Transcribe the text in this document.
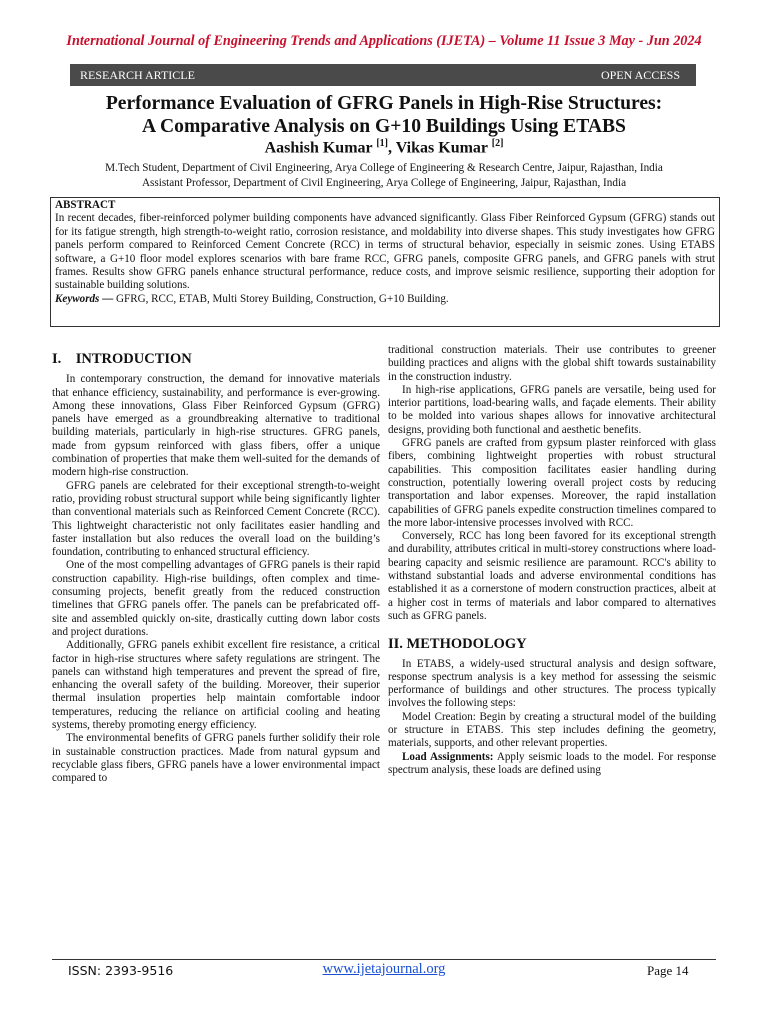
International Journal of Engineering Trends and Applications (IJETA) – Volume 11 Issue 3 May - Jun 2024
RESEARCH ARTICLE	OPEN ACCESS
Performance Evaluation of GFRG Panels in High-Rise Structures:
A Comparative Analysis on G+10 Buildings Using ETABS
Aashish Kumar [1], Vikas Kumar [2]
M.Tech Student, Department of Civil Engineering, Arya College of Engineering & Research Centre, Jaipur, Rajasthan, India
Assistant Professor, Department of Civil Engineering, Arya College of Engineering, Jaipur, Rajasthan, India
ABSTRACT
In recent decades, fiber-reinforced polymer building components have advanced significantly. Glass Fiber Reinforced Gypsum (GFRG) stands out for its fatigue strength, high strength-to-weight ratio, corrosion resistance, and moldability into diverse shapes. This study investigates how GFRG panels perform compared to Reinforced Cement Concrete (RCC) in terms of structural behavior, especially in seismic zones. Using ETABS software, a G+10 floor model explores scenarios with bare frame RCC, GFRG panels, composite GFRG panels, and GFRG panels with strut frames. Results show GFRG panels enhance structural performance, reduce costs, and improve seismic resilience, supporting their adoption for sustainable building solutions.
Keywords — GFRG, RCC, ETAB, Multi Storey Building, Construction, G+10 Building.
I.    INTRODUCTION

In contemporary construction, the demand for innovative materials that enhance efficiency, sustainability, and performance is ever-growing. Among these innovations, Glass Fiber Reinforced Gypsum (GFRG) panels have emerged as a groundbreaking alternative to traditional building materials, particularly in high-rise structures. GFRG panels, made from gypsum reinforced with glass fibers, offer a unique combination of properties that make them well-suited for the demands of modern high-rise construction.

GFRG panels are celebrated for their exceptional strength-to-weight ratio, providing robust structural support while being significantly lighter than conventional materials such as Reinforced Cement Concrete (RCC). This lightweight characteristic not only facilitates easier handling and faster installation but also reduces the overall load on the building’s foundation, contributing to enhanced structural efficiency.

One of the most compelling advantages of GFRG panels is their rapid construction capability. High-rise buildings, often complex and time-consuming projects, benefit greatly from the reduced construction timelines that GFRG panels offer. The panels can be prefabricated off-site and assembled quickly on-site, drastically cutting down labor costs and project durations.

Additionally, GFRG panels exhibit excellent fire resistance, a critical factor in high-rise structures where safety regulations are stringent. The panels can withstand high temperatures and prevent the spread of fire, enhancing the overall safety of the building. Moreover, their superior thermal insulation properties help maintain comfortable indoor temperatures, reducing the reliance on artificial cooling and heating systems, thereby promoting energy efficiency.

The environmental benefits of GFRG panels further solidify their role in sustainable construction practices. Made from natural gypsum and recyclable glass fibers, GFRG panels have a lower environmental impact compared to

traditional construction materials. Their use contributes to greener building practices and aligns with the global shift towards sustainability in the construction industry.

In high-rise applications, GFRG panels are versatile, being used for interior partitions, load-bearing walls, and façade elements. Their ability to be molded into various shapes allows for innovative architectural designs, providing both functional and aesthetic benefits.

GFRG panels are crafted from gypsum plaster reinforced with glass fibers, combining lightweight properties with robust structural capabilities. This composition facilitates easier handling during construction, potentially lowering overall project costs by reducing transportation and labor expenses. Moreover, the rapid installation capabilities of GFRG panels expedite construction timelines compared to the more labor-intensive processes involved with RCC.

Conversely, RCC has long been favored for its exceptional strength and durability, attributes critical in multi-storey constructions where load-bearing capacity and seismic resilience are paramount. RCC's ability to withstand substantial loads and adverse environmental conditions has established it as a cornerstone of modern construction practices, albeit at a higher cost in terms of materials and labor compared to alternatives such as GFRG panels.

II. METHODOLOGY

In ETABS, a widely-used structural analysis and design software, response spectrum analysis is a key method for assessing the seismic performance of buildings and other structures. The process typically involves the following steps:

Model Creation: Begin by creating a structural model of the building or structure in ETABS. This step includes defining the geometry, materials, supports, and other relevant properties.

Load Assignments: Apply seismic loads to the model. For response spectrum analysis, these loads are defined using

ISSN: 2393-9516	www.ijetajournal.org	Page 14
